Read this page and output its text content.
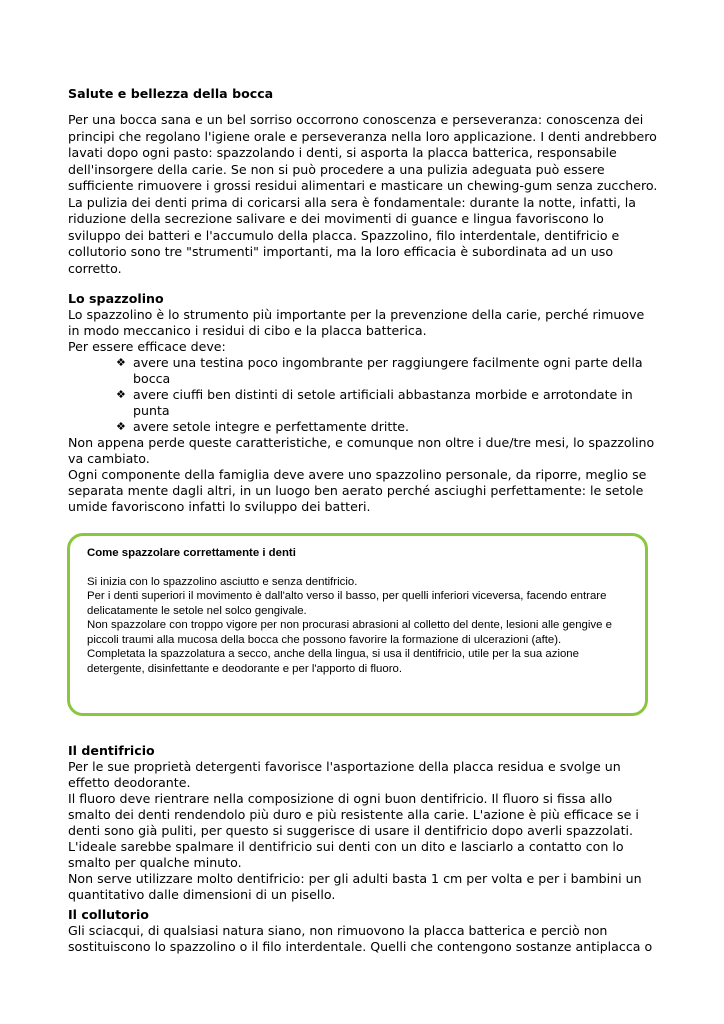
Salute e bellezza della bocca

Per una bocca sana e un bel sorriso occorrono conoscenza e perseveranza: conoscenza dei principi che regolano l'igiene orale e perseveranza nella loro applicazione. I denti andrebbero lavati dopo ogni pasto: spazzolando i denti, si asporta la placca batterica, responsabile dell'insorgere della carie. Se non si può procedere a una pulizia adeguata può essere sufficiente rimuovere i grossi residui alimentari e masticare un chewing-gum senza zucchero. La pulizia dei denti prima di coricarsi alla sera è fondamentale: durante la notte, infatti, la riduzione della secrezione salivare e dei movimenti di guance e lingua favoriscono lo sviluppo dei batteri e l'accumulo della placca. Spazzolino, filo interdentale, dentifricio e collutorio sono tre "strumenti" importanti, ma la loro efficacia è subordinata ad un uso corretto.

Lo spazzolino

Lo spazzolino è lo strumento più importante per la prevenzione della carie, perché rimuove in modo meccanico i residui di cibo e la placca batterica.

Per essere efficace deve:

❖ avere una testina poco ingombrante per raggiungere facilmente ogni parte della bocca
❖ avere ciuffi ben distinti di setole artificiali abbastanza morbide e arrotondate in punta
❖ avere setole integre e perfettamente dritte.

Non appena perde queste caratteristiche, e comunque non oltre i due/tre mesi, lo spazzolino va cambiato.

Ogni componente della famiglia deve avere uno spazzolino personale, da riporre, meglio se separata mente dagli altri, in un luogo ben aerato perché asciughi perfettamente: le setole umide favoriscono infatti lo sviluppo dei batteri.

Come spazzolare correttamente i denti

Si inizia con lo spazzolino asciutto e senza dentifricio.

Per i denti superiori il movimento è dall'alto verso il basso, per quelli inferiori viceversa, facendo entrare delicatamente le setole nel solco gengivale.

Non spazzolare con troppo vigore per non procurasi abrasioni al colletto del dente, lesioni alle gengive e piccoli traumi alla mucosa della bocca che possono favorire la formazione di ulcerazioni (afte).

Completata la spazzolatura a secco, anche della lingua, si usa il dentifricio, utile per la sua azione detergente, disinfettante e deodorante e per l'apporto di fluoro.

Il dentifricio

Per le sue proprietà detergenti favorisce l'asportazione della placca residua e svolge un effetto deodorante.

Il fluoro deve rientrare nella composizione di ogni buon dentifricio. Il fluoro si fissa allo smalto dei denti rendendolo più duro e più resistente alla carie. L'azione è più efficace se i denti sono già puliti, per questo si suggerisce di usare il dentifricio dopo averli spazzolati. L'ideale sarebbe spalmare il dentifricio sui denti con un dito e lasciarlo a contatto con lo smalto per qualche minuto.

Non serve utilizzare molto dentifricio: per gli adulti basta 1 cm per volta e per i bambini un quantitativo dalle dimensioni di un pisello.

Il collutorio

Gli sciacqui, di qualsiasi natura siano, non rimuovono la placca batterica e perciò non sostituiscono lo spazzolino o il filo interdentale. Quelli che contengono sostanze antiplacca o
